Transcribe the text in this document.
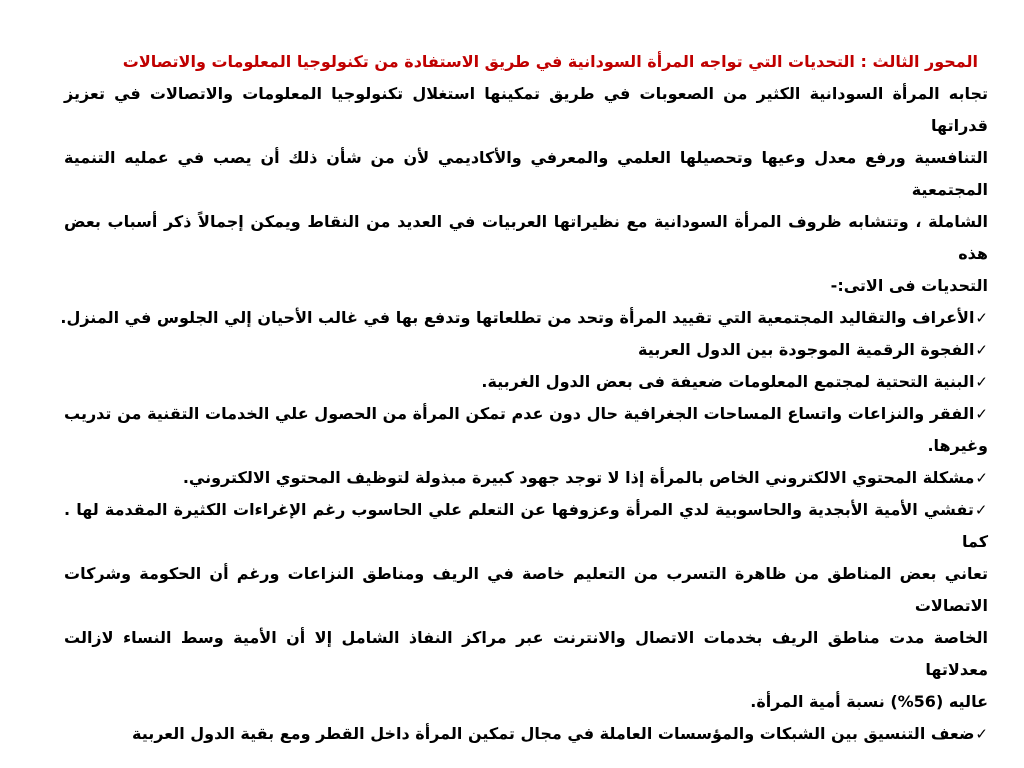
المحور الثالث : التحديات التي تواجه المرأة السودانية في طريق الاستفادة من تكنولوجيا المعلومات والاتصالات
تجابه المرأة السودانية الكثير من الصعوبات في طريق تمكينها استغلال تكنولوجيا المعلومات والاتصالات في تعزيز قدراتها
التنافسية ورفع معدل وعيها وتحصيلها العلمي والمعرفي والأكاديمي لأن من شأن ذلك أن يصب في عمليه التنمية المجتمعية
الشاملة ، وتتشابه ظروف المرأة السودانية مع نظيراتها العربيات في العديد من النقاط ويمكن إجمالاً ذكر أسباب بعض هذه
التحديات فى الاتى:-
✓الأعراف والتقاليد المجتمعية التي تقييد المرأة وتحد من تطلعاتها وتدفع بها في غالب الأحيان إلي الجلوس في المنزل.
✓الفجوة الرقمية الموجودة بين الدول العربية
✓البنية التحتية لمجتمع المعلومات ضعيفة فى بعض الدول الغربية.
✓الفقر والنزاعات واتساع المساحات الجغرافية حال دون عدم تمكن المرأة من الحصول علي الخدمات التقنية من تدريب
وغيرها.
✓مشكلة المحتوي الالكتروني الخاص بالمرأة إذا لا توجد جهود كبيرة مبذولة لتوظيف المحتوي الالكتروني.
✓تفشي الأمية الأبجدية والحاسوبية لدي المرأة وعزوفها عن التعلم علي الحاسوب رغم الإغراءات الكثيرة المقدمة لها . كما
تعاني بعض المناطق من ظاهرة التسرب من التعليم خاصة في الريف ومناطق النزاعات ورغم أن الحكومة وشركات الاتصالات
الخاصة مدت مناطق الريف بخدمات الاتصال والانترنت عبر مراكز النفاذ الشامل إلا أن الأمية وسط النساء لازالت معدلاتها
عاليه (56%) نسبة أمية المرأة.
✓ضعف التنسيق بين الشبكات والمؤسسات العاملة في مجال تمكين المرأة داخل القطر ومع بقية الدول العربية
